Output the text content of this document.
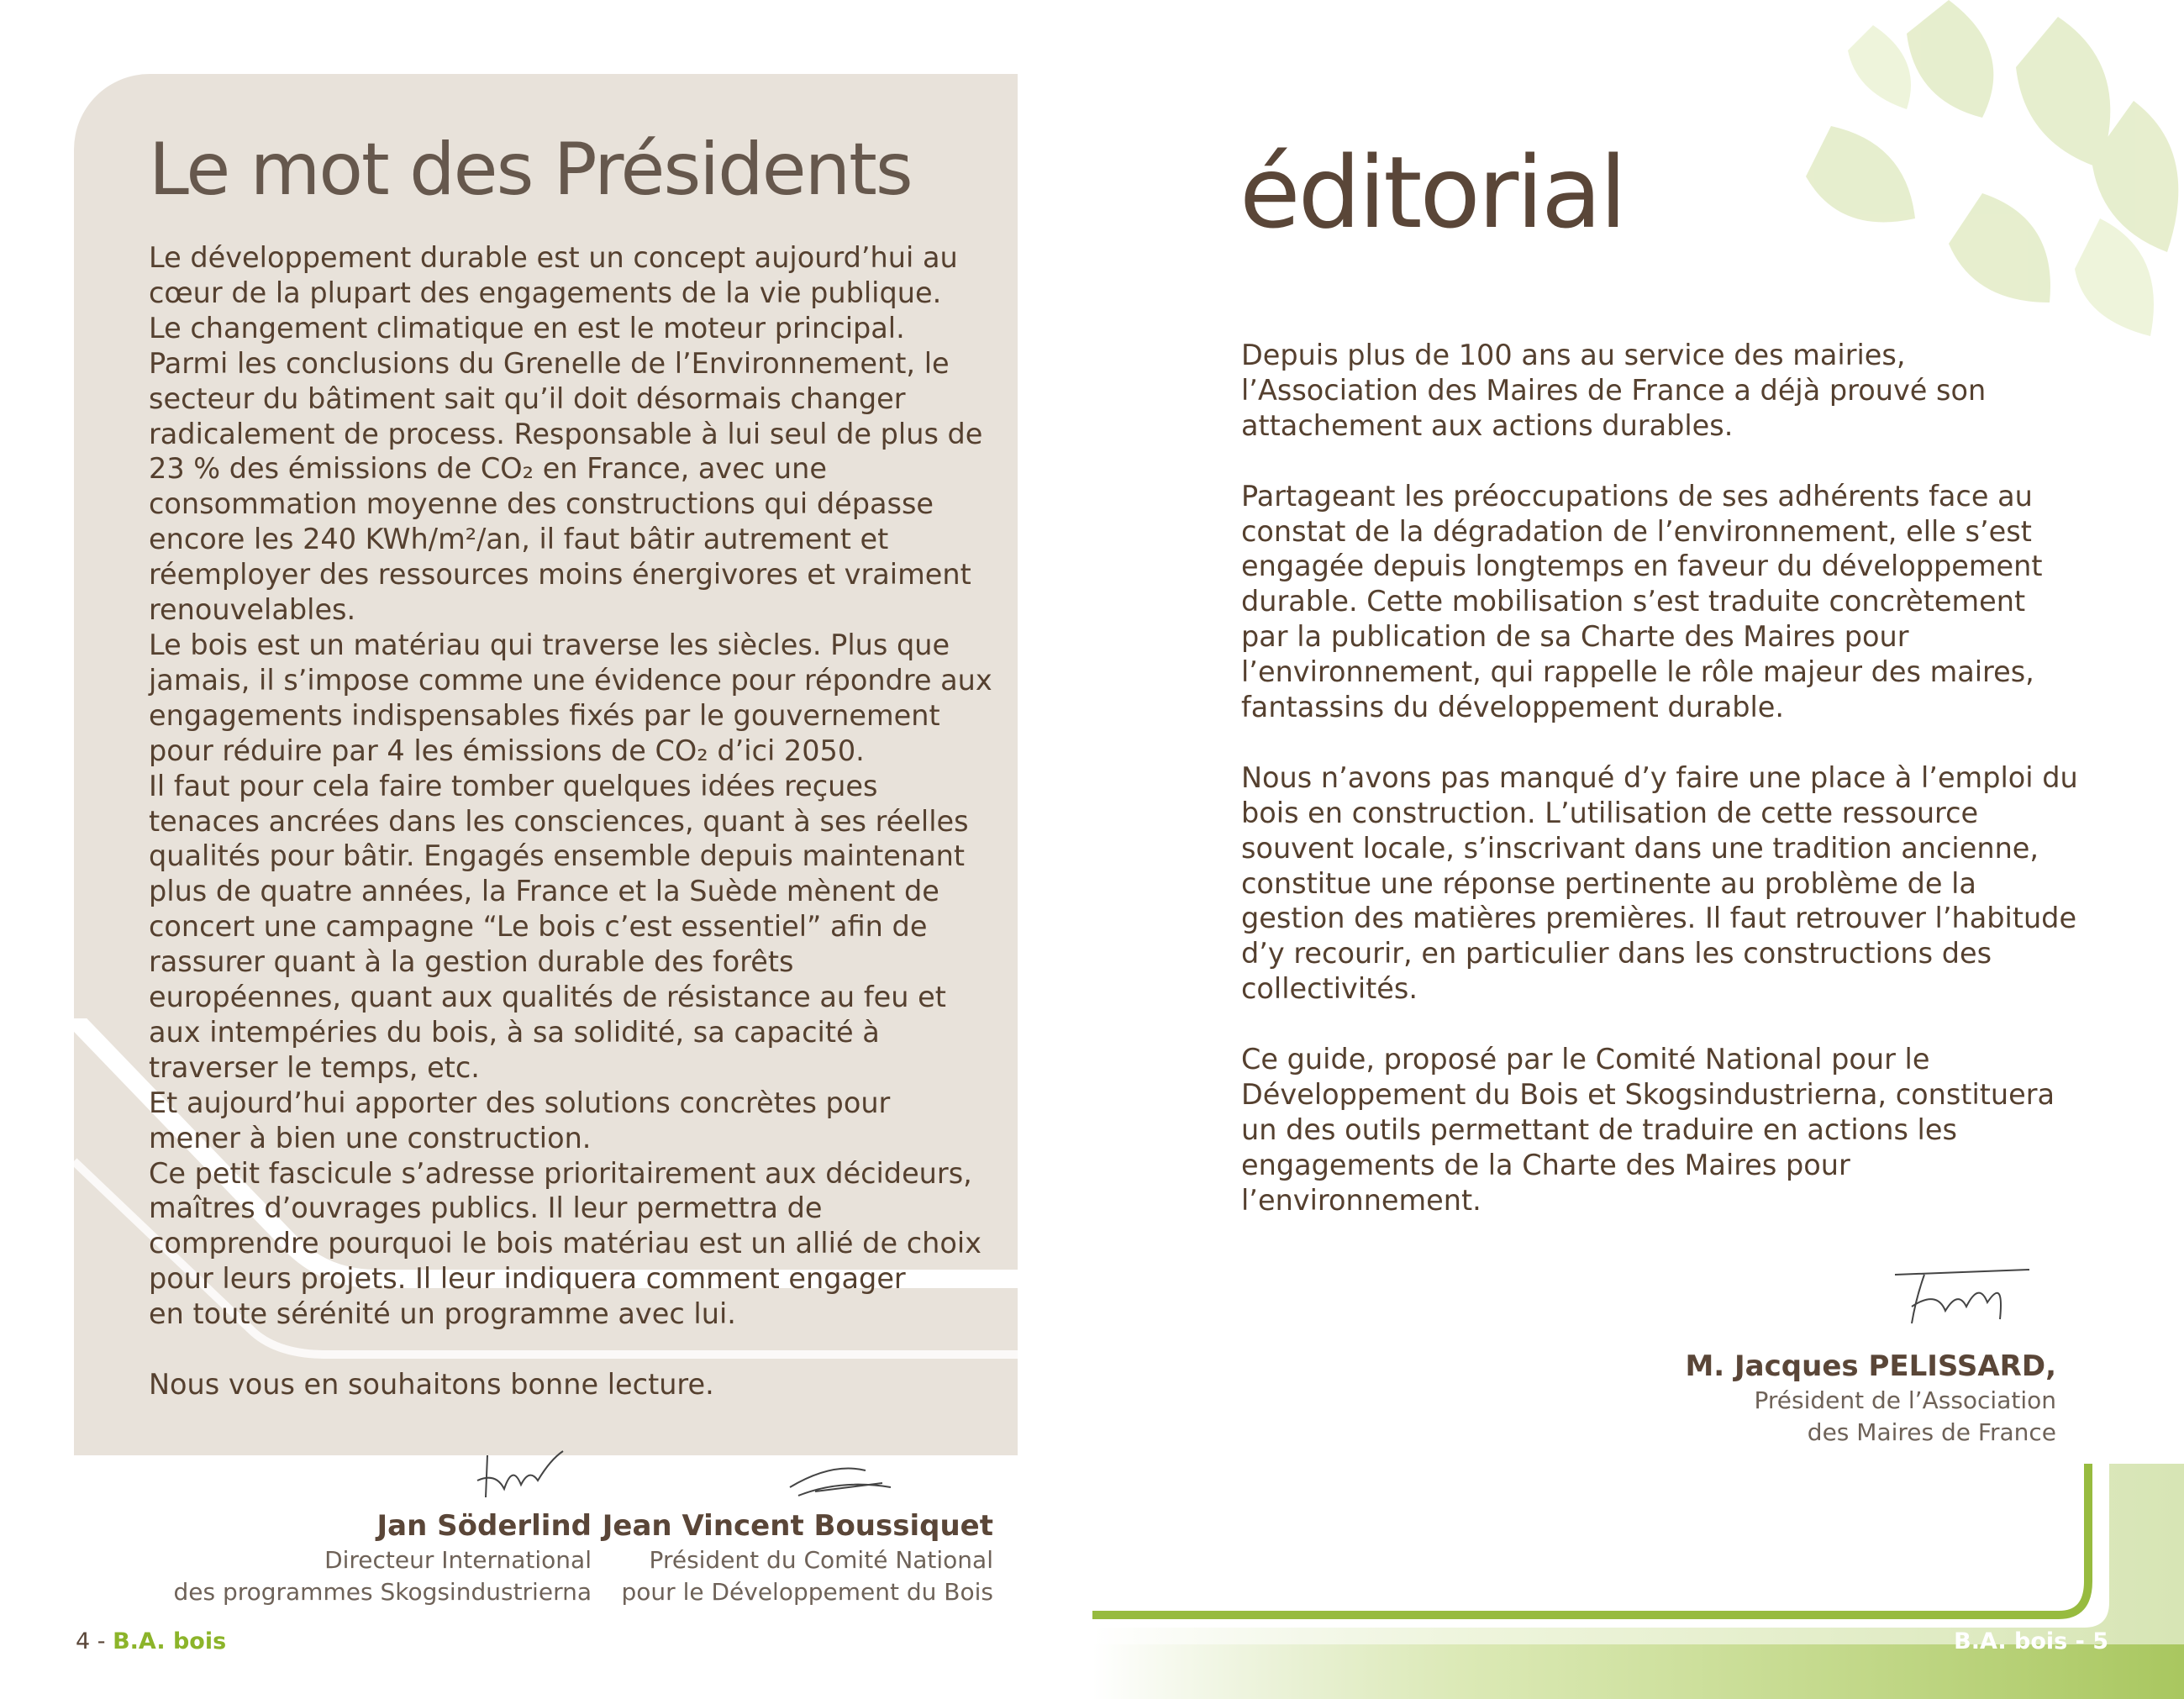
Le mot des Présidents

Le développement durable est un concept aujourd’hui au
cœur de la plupart des engagements de la vie publique.
Le changement climatique en est le moteur principal.
Parmi les conclusions du Grenelle de l’Environnement, le
secteur du bâtiment sait qu’il doit désormais changer
radicalement de process. Responsable à lui seul de plus de
23 % des émissions de CO₂ en France, avec une
consommation moyenne des constructions qui dépasse
encore les 240 KWh/m²/an, il faut bâtir autrement et
réemployer des ressources moins énergivores et vraiment
renouvelables.
Le bois est un matériau qui traverse les siècles. Plus que
jamais, il s’impose comme une évidence pour répondre aux
engagements indispensables fixés par le gouvernement
pour réduire par 4 les émissions de CO₂ d’ici 2050.
Il faut pour cela faire tomber quelques idées reçues
tenaces ancrées dans les consciences, quant à ses réelles
qualités pour bâtir. Engagés ensemble depuis maintenant
plus de quatre années, la France et la Suède mènent de
concert une campagne “Le bois c’est essentiel” afin de
rassurer quant à la gestion durable des forêts
européennes, quant aux qualités de résistance au feu et
aux intempéries du bois, à sa solidité, sa capacité à
traverser le temps, etc.
Et aujourd’hui apporter des solutions concrètes pour
mener à bien une construction.
Ce petit fascicule s’adresse prioritairement aux décideurs,
maîtres d’ouvrages publics. Il leur permettra de
comprendre pourquoi le bois matériau est un allié de choix
pour leurs projets. Il leur indiquera comment engager
en toute sérénité un programme avec lui.

Nous vous en souhaitons bonne lecture.

Jan Söderlind
Directeur International
des programmes Skogsindustrierna
Jean Vincent Boussiquet
Président du Comité National
pour le Développement du Bois
4 - B.A. bois
éditorial

Depuis plus de 100 ans au service des mairies,
l’Association des Maires de France a déjà prouvé son
attachement aux actions durables.

Partageant les préoccupations de ses adhérents face au
constat de la dégradation de l’environnement, elle s’est
engagée depuis longtemps en faveur du développement
durable. Cette mobilisation s’est traduite concrètement
par la publication de sa Charte des Maires pour
l’environnement, qui rappelle le rôle majeur des maires,
fantassins du développement durable.

Nous n’avons pas manqué d’y faire une place à l’emploi du
bois en construction. L’utilisation de cette ressource
souvent locale, s’inscrivant dans une tradition ancienne,
constitue une réponse pertinente au problème de la
gestion des matières premières. Il faut retrouver l’habitude
d’y recourir, en particulier dans les constructions des
collectivités.

Ce guide, proposé par le Comité National pour le
Développement du Bois et Skogsindustrierna, constituera
un des outils permettant de traduire en actions les
engagements de la Charte des Maires pour
l’environnement.

M. Jacques PELISSARD,
Président de l’Association
des Maires de France
B.A. bois - 5
